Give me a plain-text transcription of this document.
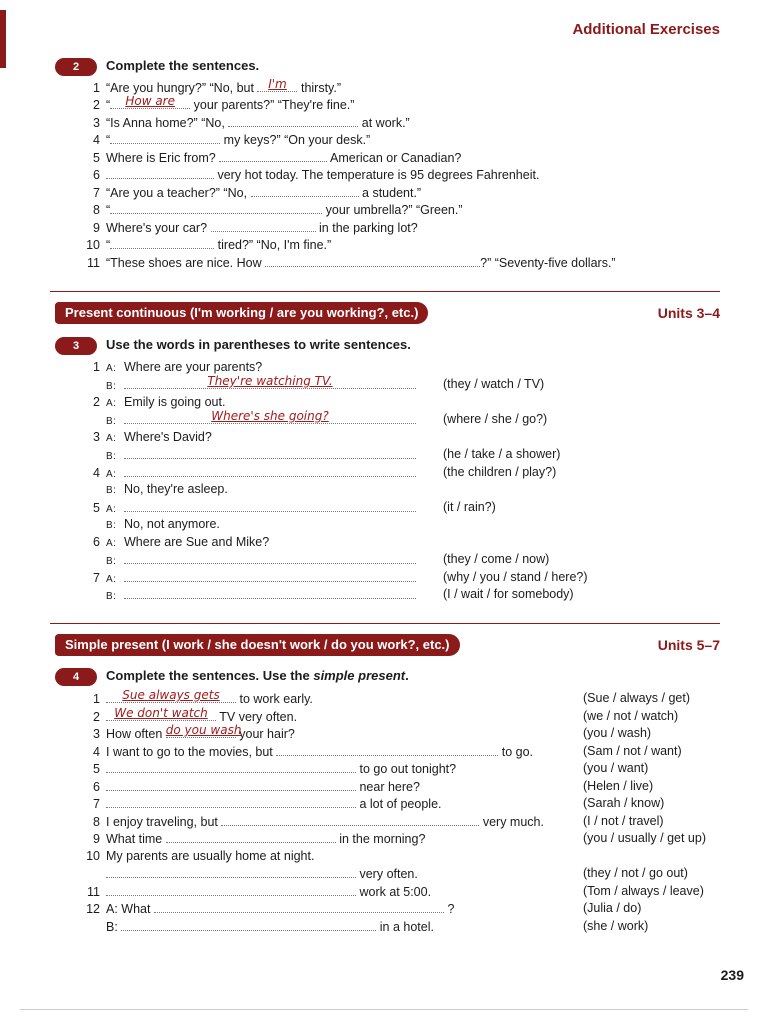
Additional Exercises
2	Complete the sentences.
1 “Are you hungry?” “No, but	I'm	thirsty.”
2 “	How are	your parents?” “They're fine.”
3 “Is Anna home?” “No,	at work.”
4 “	my keys?” “On your desk.”
5 Where is Eric from?	American or Canadian?
6	very hot today. The temperature is 95 degrees Fahrenheit.
7 “Are you a teacher?” “No,	a student.”
8 “	your umbrella?” “Green.”
9 Where's your car?	in the parking lot?
10 “	tired?” “No, I'm fine.”
11 “These shoes are nice. How	?” “Seventy-five dollars.”
Present continuous (I'm working / are you working?, etc.)	Units 3–4
3	Use the words in parentheses to write sentences.
1 A: Where are your parents?
B:	They're watching TV.	(they / watch / TV)
2 A: Emily is going out.
B:	Where's she going?	(where / she / go?)
3 A: Where's David?
B:	(he / take / a shower)
4 A:	(the children / play?)
B: No, they're asleep.
5 A:	(it / rain?)
B: No, not anymore.
6 A: Where are Sue and Mike?
B:	(they / come / now)
7 A:	(why / you / stand / here?)
B:	(I / wait / for somebody)
Simple present (I work / she doesn't work / do you work?, etc.)	Units 5–7
4	Complete the sentences. Use the simple present.
1	Sue always gets	to work early.	(Sue / always / get)
2	We don't watch TV very often.	(we / not / watch)
3 How often do you wash
your hair?	(you / wash)
4 I want to go to the movies, but	to go.	(Sam / not / want)
5	to go out tonight?	(you / want)
6	near here?	(Helen / live)
7	a lot of people.	(Sarah / know)
8 I enjoy traveling, but	very much.	(I / not / travel)
9 What time	in the morning?	(you / usually / get up)
10 My parents are usually home at night.
very often.	(they / not / go out)
11	work at 5:00.	(Tom / always / leave)
12 A: What	?	(Julia / do)
B:	in a hotel.	(she / work)
239
